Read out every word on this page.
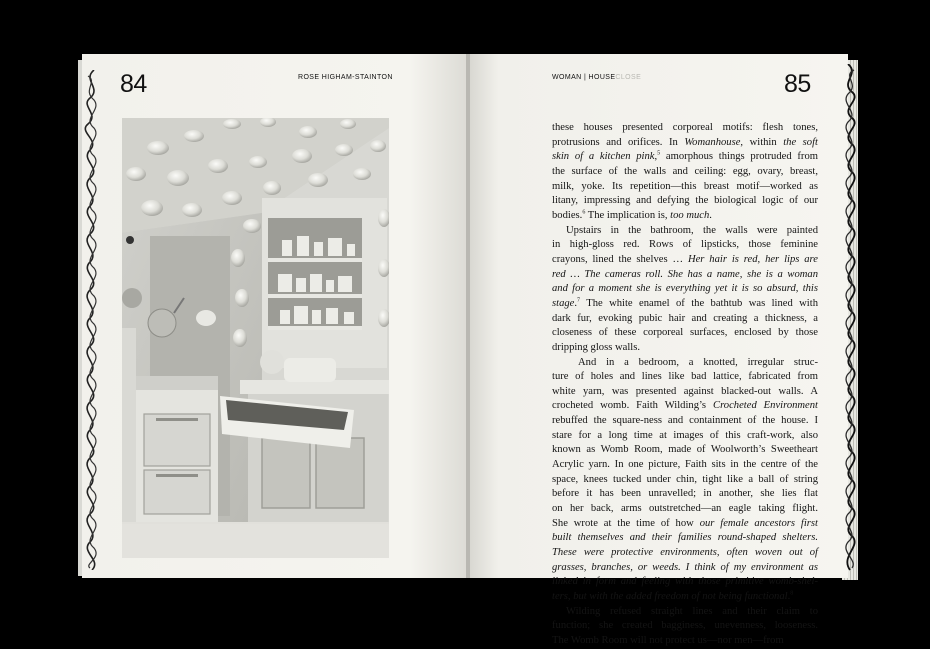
84	ROSE HIGHAM-STAINTON	WOMAN | HOUSECLOSE	85

these houses presented corporeal motifs: flesh tones,
protrusions and orifices. In Womanhouse, within the soft
skin of a kitchen pink,$^5$ amorphous things protruded from
the surface of the walls and ceiling: egg, ovary, breast,
milk, yoke. Its repetition—this breast motif—worked as
litany, impressing and defying the biological logic of our
bodies.$^6$ The implication is, too much.

Upstairs in the bathroom, the walls were painted
in high-gloss red. Rows of lipsticks, those feminine
crayons, lined the shelves … Her hair is red, her lips are
red … The cameras roll. She has a name, she is a woman
and for a moment she is everything yet it is so absurd, this
stage.$^7$ The white enamel of the bathtub was lined with
dark fur, evoking pubic hair and creating a thickness, a
closeness of these corporeal surfaces, enclosed by those
dripping gloss walls.

And in a bedroom, a knotted, irregular struc-
ture of holes and lines like bad lattice, fabricated from
white yarn, was presented against blacked-out walls. A
crocheted womb. Faith Wilding’s Crocheted Environment
rebuffed the square-ness and containment of the house. I
stare for a long time at images of this craft-work, also
known as Womb Room, made of Woolworth’s Sweetheart
Acrylic yarn. In one picture, Faith sits in the centre of the
space, knees tucked under chin, tight like a ball of string
before it has been unravelled; in another, she lies flat
on her back, arms outstretched—an eagle taking flight.
She wrote at the time of how our female ancestors first
built themselves and their families round-shaped shelters.
These were protective environments, often woven out of
grasses, branches, or weeds. I think of my environment as
linked in form and feeling with those primitive womb-shel-
ters, but with the added freedom of not being functional.$^8$

Wilding refused straight lines and their claim to
function; she created bagginess, unevenness, looseness.
The Womb Room will not protect us—nor men—from
